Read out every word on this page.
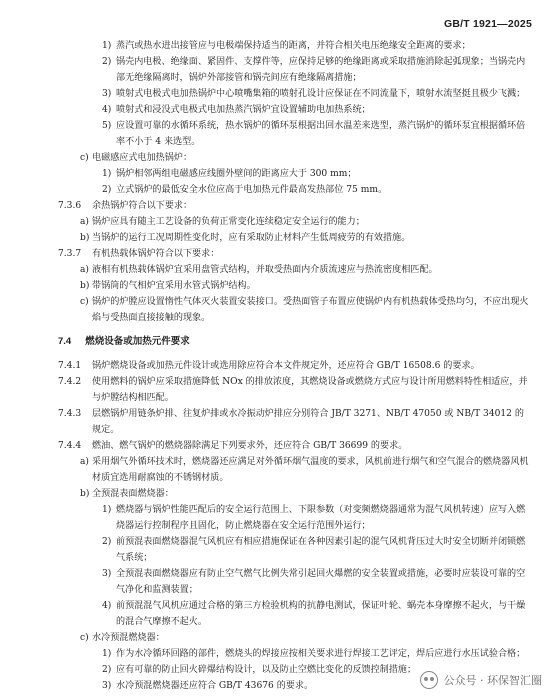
GB/T 1921—2025
1) 蒸汽或热水进出接管应与电极端保持适当的距离，并符合相关电压绝缘安全距离的要求；
2) 锅壳内电极、绝缘面、紧固件、支撑件等，应保持足够的绝缘距离或采取措施消除起弧现象；当锅壳内部无绝缘隔离时，锅炉外部接管和锅壳间应有绝缘隔离措施；
3) 喷射式电极式电加热锅炉中心喷嘴集箱的喷射孔设计应保证在不同流量下，喷射水流坚挺且极少飞溅；
4) 喷射式和浸没式电极式电加热蒸汽锅炉宜设置辅助电加热系统；
5) 应设置可靠的水循环系统，热水锅炉的循环泵根据出回水温差来选型，蒸汽锅炉的循环泵宜根据循环倍率不小于 4 来选型。
c) 电磁感应式电加热锅炉：
1) 锅炉相邻两组电磁感应线圈外壁间的距离应大于 300 mm；
2) 立式锅炉的最低安全水位应高于电加热元件最高发热部位 75 mm。
7.3.6 余热锅炉符合以下要求：
a) 锅炉应具有随主工艺设备的负荷正常变化连续稳定安全运行的能力；
b) 当锅炉的运行工况周期性变化时，应有采取防止材料产生低周疲劳的有效措施。
7.3.7 有机热载体锅炉符合以下要求：
a) 液相有机热载体锅炉宜采用盘管式结构，并取受热面内介质流速应与热流密度相匹配。
b) 带锅筒的气相炉宜采用水管式锅炉结构。
c) 锅炉的炉膛应设置惰性气体灭火装置安装接口。受热面管子布置应使锅炉内有机热载体受热均匀，不应出现火焰与受热面直接接触的现象。
7.4 燃烧设备或加热元件要求
7.4.1 锅炉燃烧设备或加热元件设计或选用除应符合本文件规定外，还应符合 GB/T 16508.6 的要求。
7.4.2 使用燃料的锅炉应采取措施降低 NOx 的排放浓度，其燃烧设备或燃烧方式应与设计所用燃料特性相适应，并与炉膛结构相匹配。
7.4.3 层燃锅炉用链条炉排、往复炉排或水冷振动炉排应分别符合 JB/T 3271、NB/T 47050 或 NB/T 34012 的规定。
7.4.4 燃油、燃气锅炉的燃烧器除满足下列要求外，还应符合 GB/T 36699 的要求。
a) 采用烟气外循环技术时，燃烧器还应满足对外循环烟气温度的要求，风机前进行烟气和空气混合的燃烧器风机材质宜选用耐腐蚀的不锈钢材质。
b) 全预混表面燃烧器：
1) 燃烧器与锅炉性能匹配后的安全运行范围上、下限参数（对变频燃烧器通常为混气风机转速）应写入燃烧器运行控制程序且固化，防止燃烧器在安全运行范围外运行；
2) 前预混表面燃烧器混气风机应有相应措施保证在各种因素引起的混气风机背压过大时安全切断并闭锁燃气系统；
3) 全预混表面燃烧器应有防止空气燃气比例失常引起回火爆燃的安全装置或措施，必要时应装设可靠的空气净化和监测装置；
4) 前预混混气风机应通过合格的第三方检验机构的抗静电测试，保证叶轮、蜗壳本身摩擦不起火，与干燥的混合气摩擦不起火。
c) 水冷预混燃烧器：
1) 作为水冷循环回路的部件，燃烧头的焊接应按相关要求进行焊接工艺评定，焊后应进行水压试验合格；
2) 应有可靠的防止回火碎爆结构设计，以及防止空燃比变化的反馈控制措施；
3) 水冷预混燃烧器还应符合 GB/T 43676 的要求。	公众号 · 环保智汇圈
